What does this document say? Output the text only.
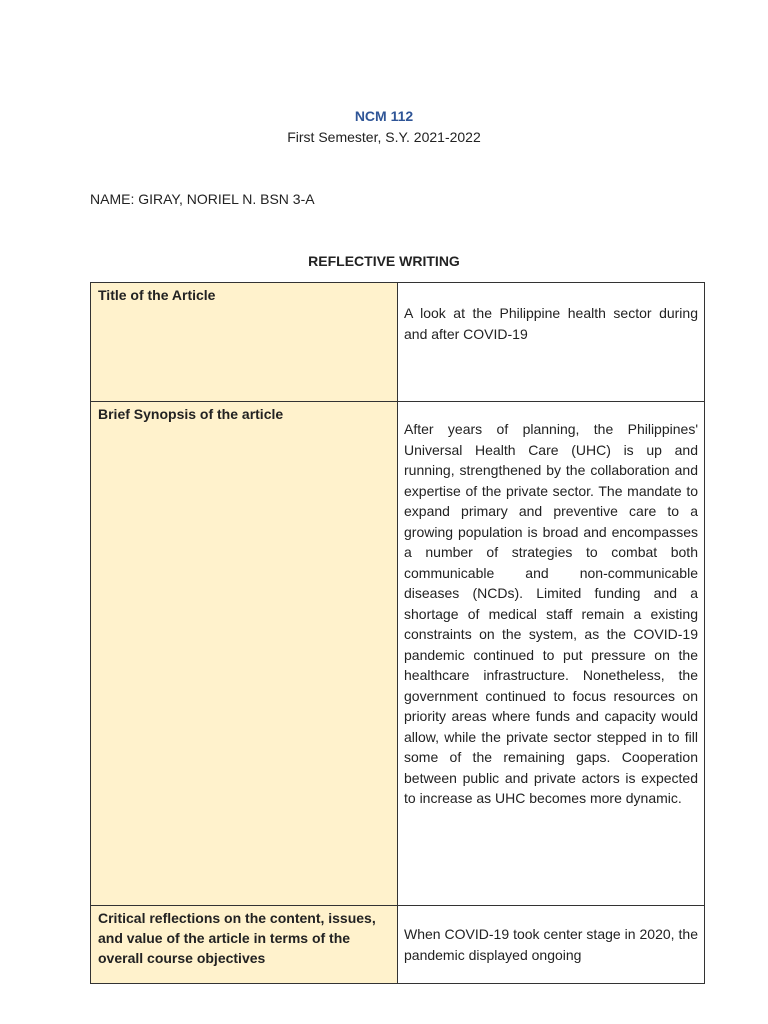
NCM 112
First Semester, S.Y. 2021-2022
NAME: GIRAY, NORIEL N. BSN 3-A
REFLECTIVE WRITING
Title of the Article	A look at the Philippine health sector during and after COVID-19
Brief Synopsis of the article	After years of planning, the Philippines' Universal Health Care (UHC) is up and running, strengthened by the collaboration and expertise of the private sector. The mandate to expand primary and preventive care to a growing population is broad and encompasses a number of strategies to combat both communicable and non-communicable diseases (NCDs). Limited funding and a shortage of medical staff remain a existing constraints on the system, as the COVID-19 pandemic continued to put pressure on the healthcare infrastructure. Nonetheless, the government continued to focus resources on priority areas where funds and capacity would allow, while the private sector stepped in to fill some of the remaining gaps. Cooperation between public and private actors is expected to increase as UHC becomes more dynamic.
Critical reflections on the content, issues, and value of the article in terms of the overall course objectives	When COVID-19 took center stage in 2020, the pandemic displayed ongoing
